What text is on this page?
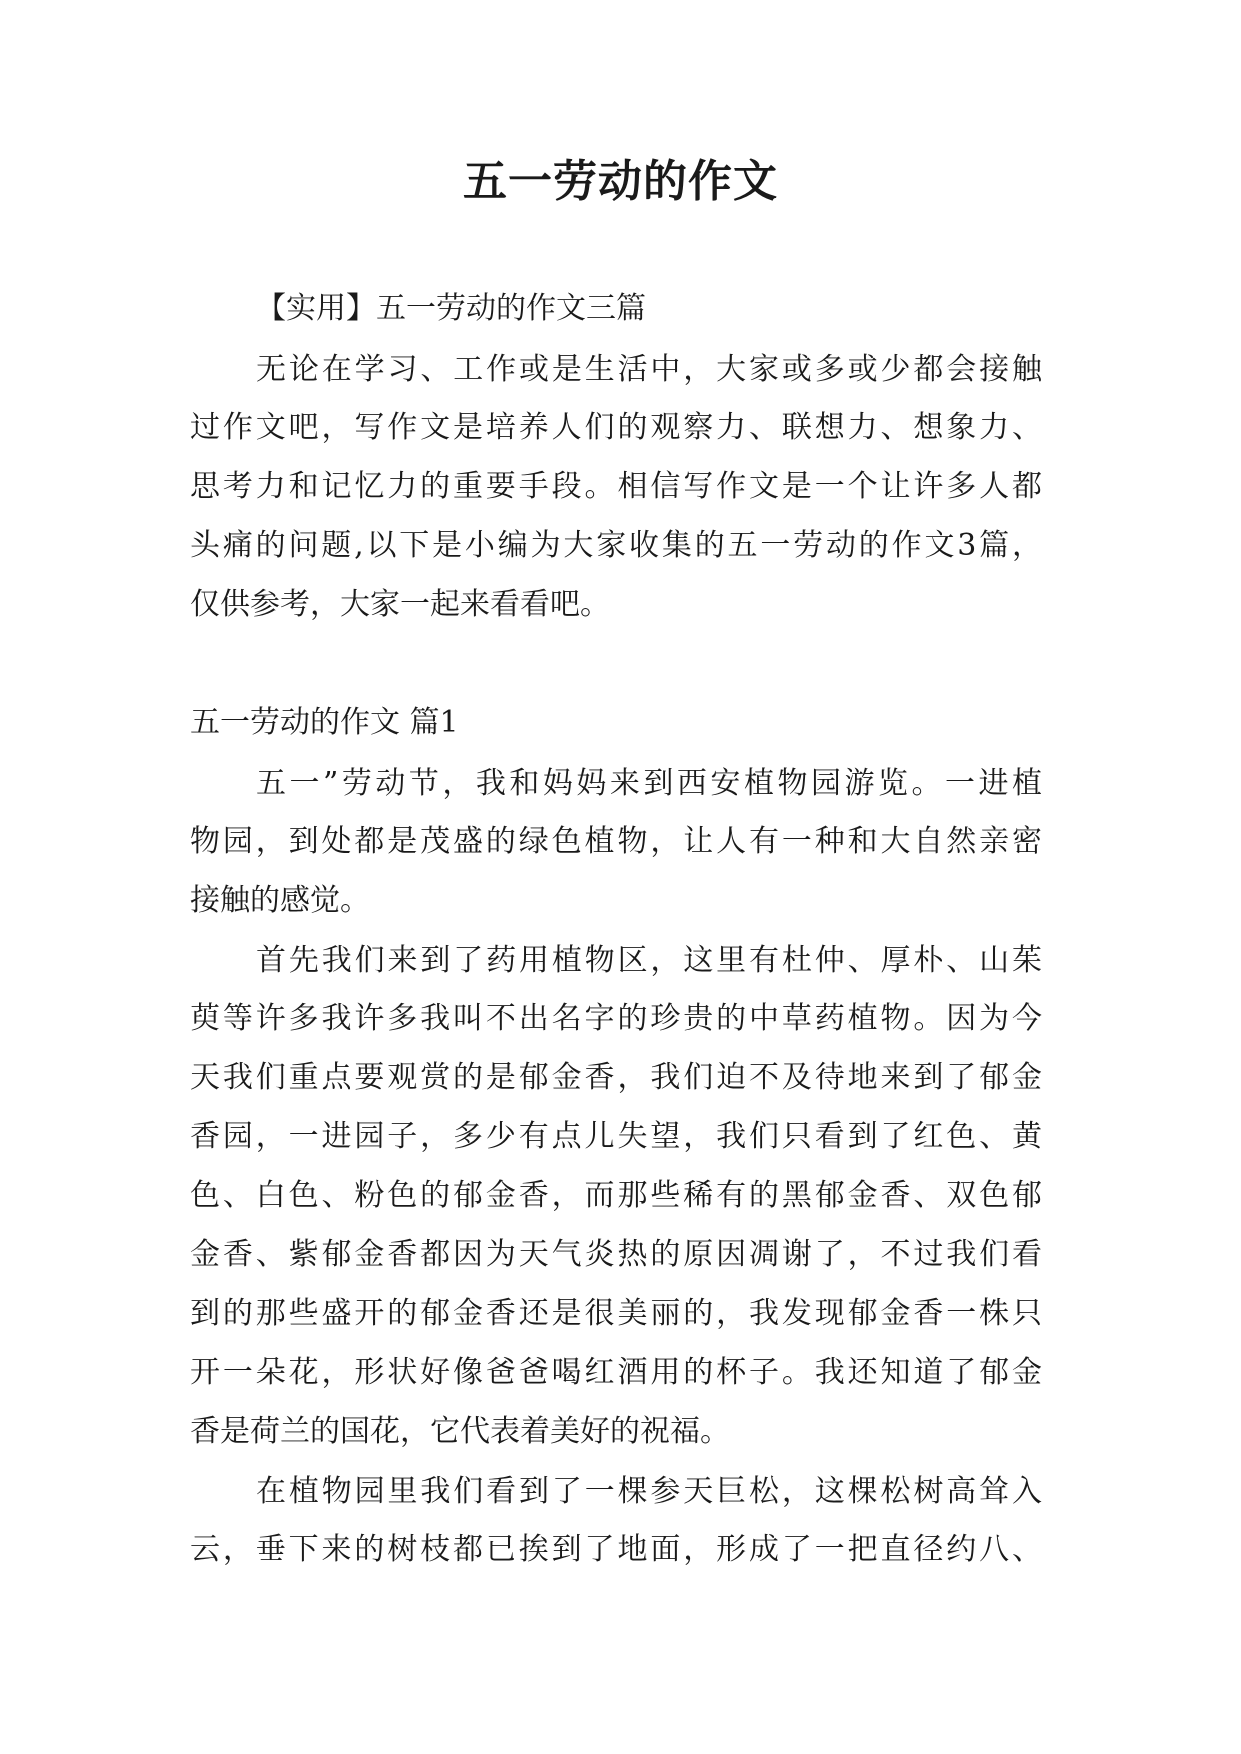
五一劳动的作文

【实用】五一劳动的作文三篇

无论在学习、工作或是生活中，大家或多或少都会接触

过作文吧，写作文是培养人们的观察力、联想力、想象力、

思考力和记忆力的重要手段。相信写作文是一个让许多人都

头痛的问题,以下是小编为大家收集的五一劳动的作文3篇，

仅供参考，大家一起来看看吧。

五一劳动的作文 篇1

五一”劳动节，我和妈妈来到西安植物园游览。一进植

物园，到处都是茂盛的绿色植物，让人有一种和大自然亲密

接触的感觉。

首先我们来到了药用植物区，这里有杜仲、厚朴、山茱

萸等许多我许多我叫不出名字的珍贵的中草药植物。因为今

天我们重点要观赏的是郁金香，我们迫不及待地来到了郁金

香园，一进园子，多少有点儿失望，我们只看到了红色、黄

色、白色、粉色的郁金香，而那些稀有的黑郁金香、双色郁

金香、紫郁金香都因为天气炎热的原因凋谢了，不过我们看

到的那些盛开的郁金香还是很美丽的，我发现郁金香一株只

开一朵花，形状好像爸爸喝红酒用的杯子。我还知道了郁金

香是荷兰的国花，它代表着美好的祝福。

在植物园里我们看到了一棵参天巨松，这棵松树高耸入

云，垂下来的树枝都已挨到了地面，形成了一把直径约八、
